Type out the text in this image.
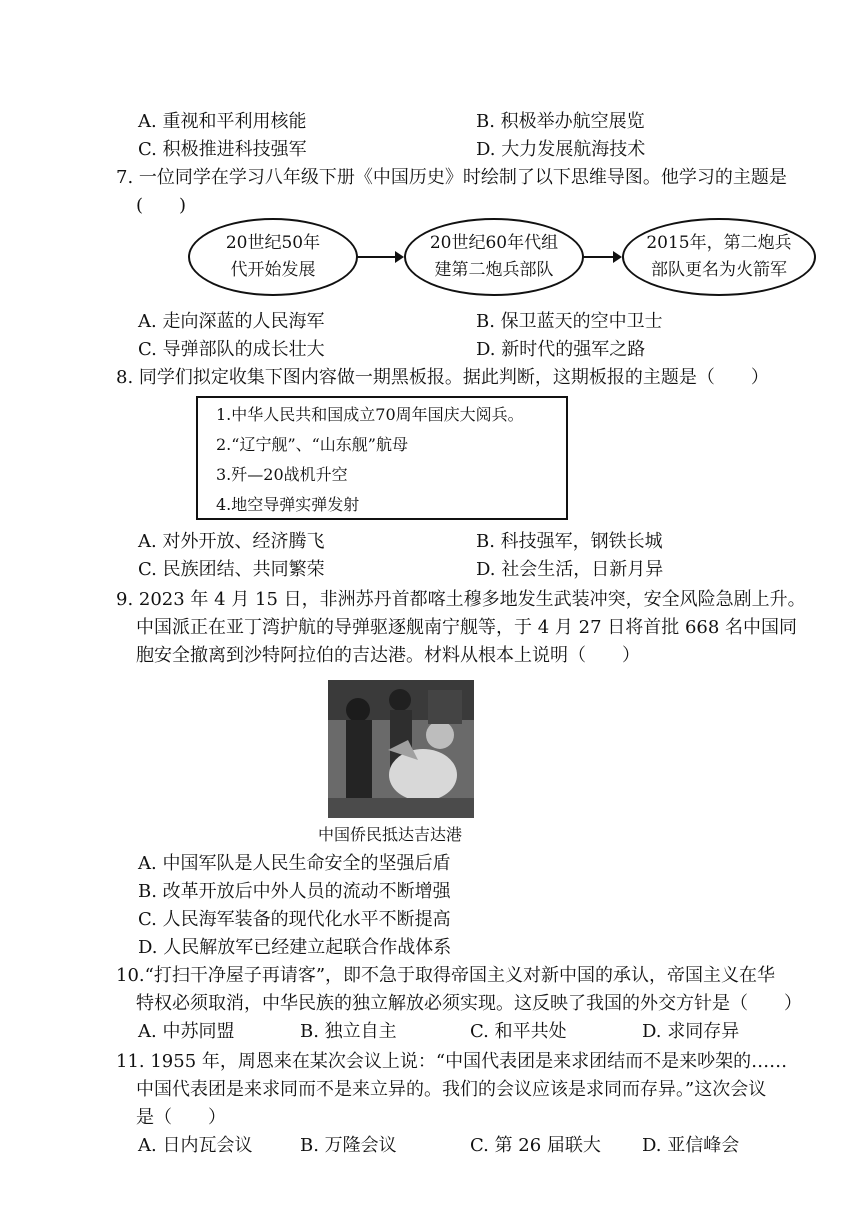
A. 重视和平利用核能	B. 积极举办航空展览
C. 积极推进科技强军	D. 大力发展航海技术
7. 一位同学在学习八年级下册《中国历史》时绘制了以下思维导图。他学习的主题是
(　　)
20世纪50年
代开始发展
20世纪60年代组
建第二炮兵部队
2015年，第二炮兵
部队更名为火箭军
A. 走向深蓝的人民海军	B. 保卫蓝天的空中卫士
C. 导弹部队的成长壮大	D. 新时代的强军之路
8. 同学们拟定收集下图内容做一期黑板报。据此判断，这期板报的主题是（　　）
1.中华人民共和国成立70周年国庆大阅兵。
2.“辽宁舰”、“山东舰”航母
3.歼—20战机升空
4.地空导弹实弹发射
A. 对外开放、经济腾飞	B. 科技强军，钢铁长城
C. 民族团结、共同繁荣	D. 社会生活，日新月异
9. 2023 年 4 月 15 日，非洲苏丹首都喀土穆多地发生武装冲突，安全风险急剧上升。
中国派正在亚丁湾护航的导弹驱逐舰南宁舰等，于 4 月 27 日将首批 668 名中国同
胞安全撤离到沙特阿拉伯的吉达港。材料从根本上说明（　　）
中国侨民抵达吉达港
A. 中国军队是人民生命安全的坚强后盾
B. 改革开放后中外人员的流动不断增强
C. 人民海军装备的现代化水平不断提高
D. 人民解放军已经建立起联合作战体系
10.“打扫干净屋子再请客”，即不急于取得帝国主义对新中国的承认，帝国主义在华
特权必须取消，中华民族的独立解放必须实现。这反映了我国的外交方针是（　　）
A. 中苏同盟	B. 独立自主	C. 和平共处	D. 求同存异
11. 1955 年，周恩来在某次会议上说：“中国代表团是来求团结而不是来吵架的……
中国代表团是来求同而不是来立异的。我们的会议应该是求同而存异。”这次会议
是（　　）
A. 日内瓦会议	B. 万隆会议	C. 第 26 届联大 D. 亚信峰会
